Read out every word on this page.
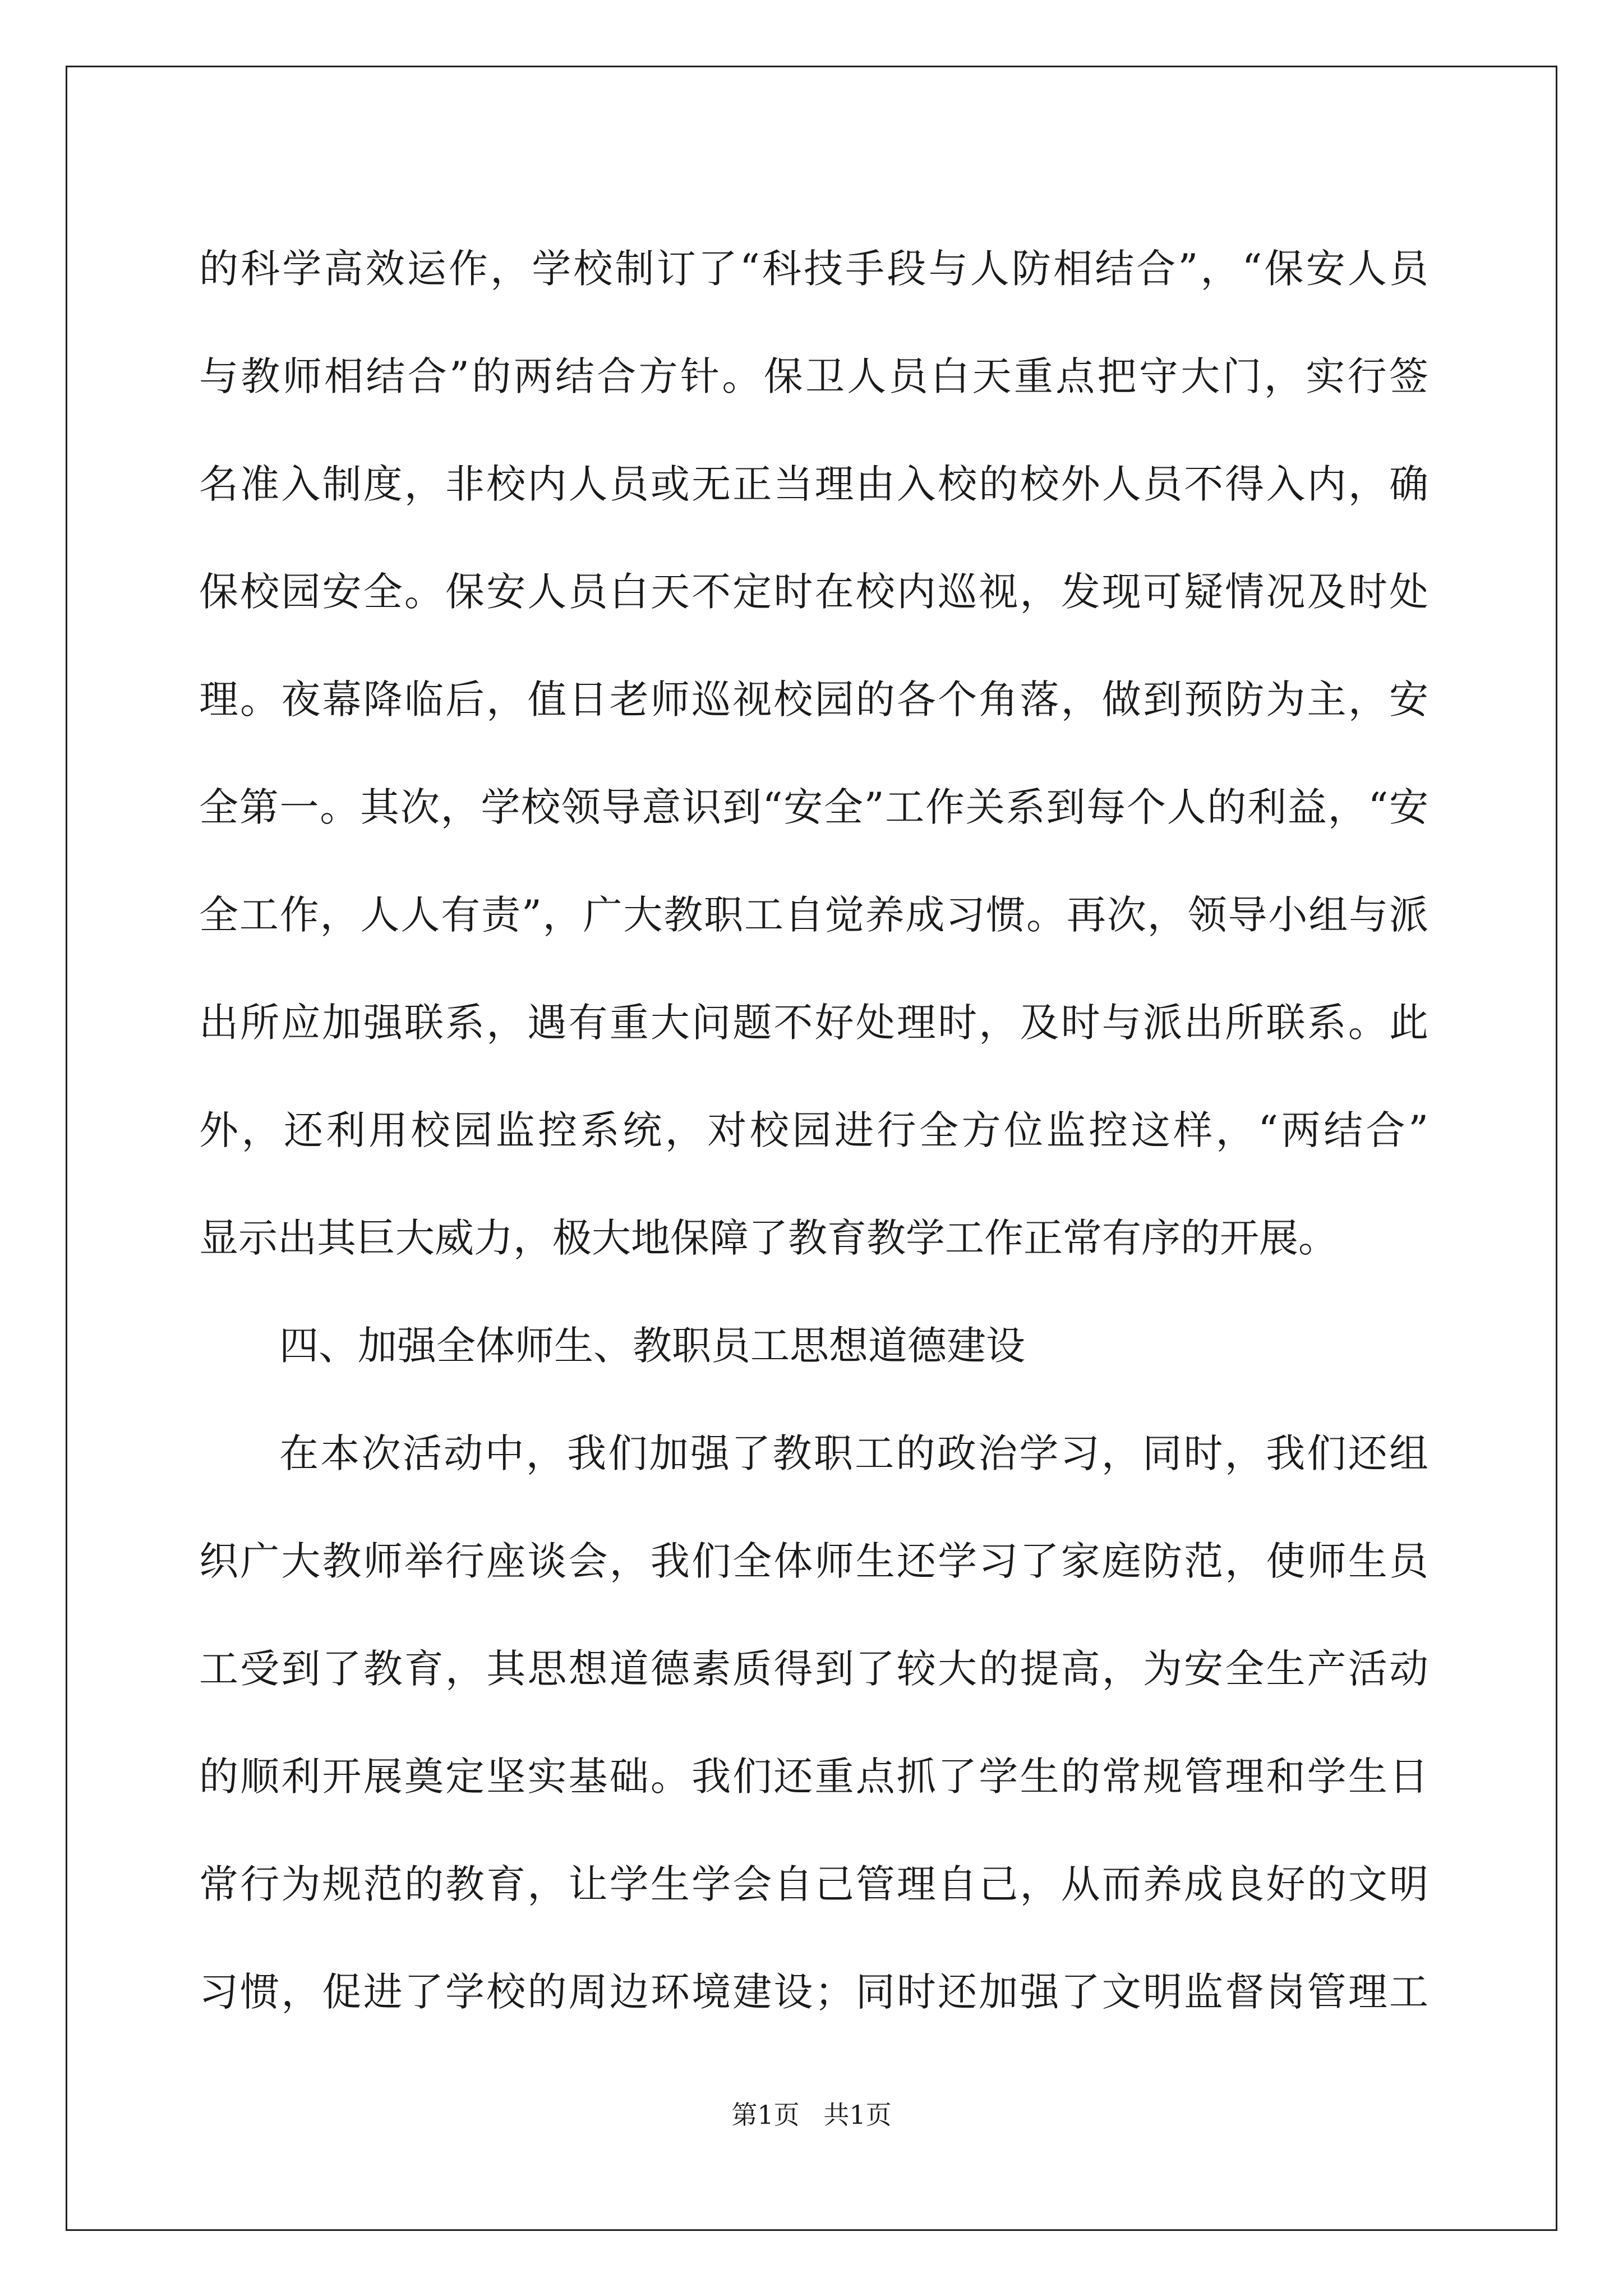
的科学高效运作，学校制订了“科技手段与人防相结合”，“保安人员
与教师相结合”的两结合方针。保卫人员白天重点把守大门，实行签
名准入制度，非校内人员或无正当理由入校的校外人员不得入内，确
保校园安全。保安人员白天不定时在校内巡视，发现可疑情况及时处
理。夜幕降临后，值日老师巡视校园的各个角落，做到预防为主，安
全第一。其次，学校领导意识到“安全”工作关系到每个人的利益，“安
全工作，人人有责”，广大教职工自觉养成习惯。再次，领导小组与派
出所应加强联系，遇有重大问题不好处理时，及时与派出所联系。此
外，还利用校园监控系统，对校园进行全方位监控这样，“两结合”
显示出其巨大威力，极大地保障了教育教学工作正常有序的开展。
四、加强全体师生、教职员工思想道德建设
在本次活动中，我们加强了教职工的政治学习，同时，我们还组
织广大教师举行座谈会，我们全体师生还学习了家庭防范，使师生员
工受到了教育，其思想道德素质得到了较大的提高，为安全生产活动
的顺利开展奠定坚实基础。我们还重点抓了学生的常规管理和学生日
常行为规范的教育，让学生学会自己管理自己，从而养成良好的文明
习惯，促进了学校的周边环境建设；同时还加强了文明监督岗管理工
第1页 共1页
